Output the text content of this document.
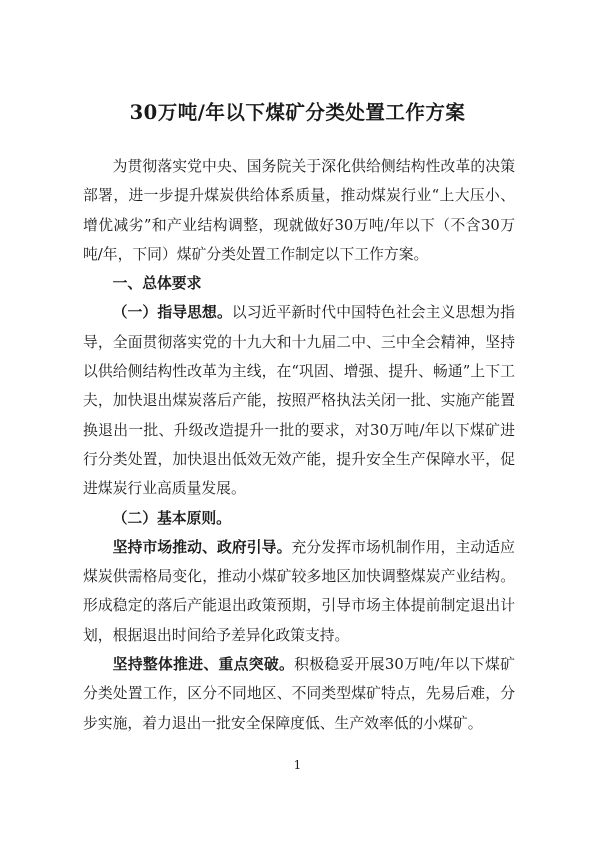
30万吨/年以下煤矿分类处置工作方案

为贯彻落实党中央、国务院关于深化供给侧结构性改革的决策部署，进一步提升煤炭供给体系质量，推动煤炭行业“上大压小、增优减劣”和产业结构调整，现就做好30万吨/年以下（不含30万吨/年，下同）煤矿分类处置工作制定以下工作方案。

一、总体要求

（一）指导思想。以习近平新时代中国特色社会主义思想为指导，全面贯彻落实党的十九大和十九届二中、三中全会精神，坚持以供给侧结构性改革为主线，在“巩固、增强、提升、畅通”上下工夫，加快退出煤炭落后产能，按照严格执法关闭一批、实施产能置换退出一批、升级改造提升一批的要求，对30万吨/年以下煤矿进行分类处置，加快退出低效无效产能，提升安全生产保障水平，促进煤炭行业高质量发展。

（二）基本原则。

坚持市场推动、政府引导。充分发挥市场机制作用，主动适应煤炭供需格局变化，推动小煤矿较多地区加快调整煤炭产业结构。形成稳定的落后产能退出政策预期，引导市场主体提前制定退出计划，根据退出时间给予差异化政策支持。

坚持整体推进、重点突破。积极稳妥开展30万吨/年以下煤矿分类处置工作，区分不同地区、不同类型煤矿特点，先易后难，分步实施，着力退出一批安全保障度低、生产效率低的小煤矿。

1
